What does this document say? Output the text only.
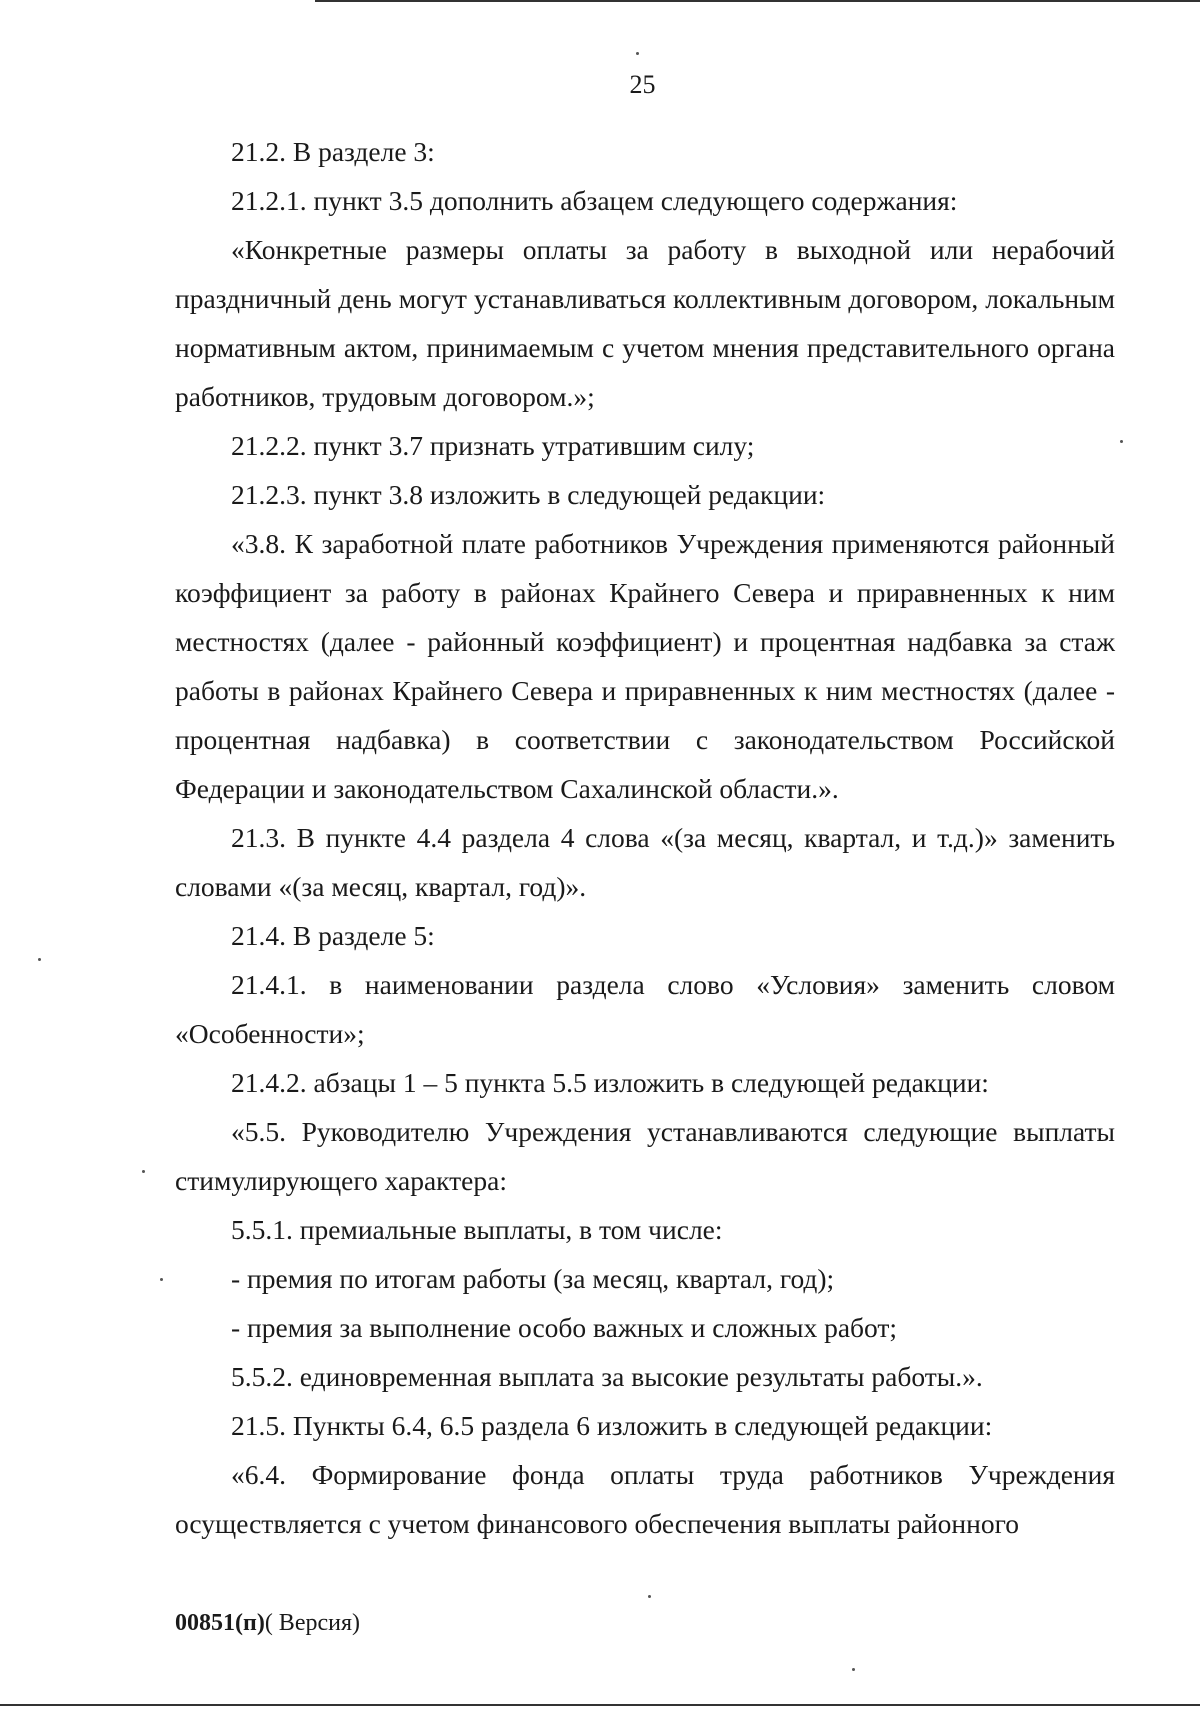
25

21.2. В разделе 3:

21.2.1. пункт 3.5 дополнить абзацем следующего содержания:

«Конкретные размеры оплаты за работу в выходной или нерабочий праздничный день могут устанавливаться коллективным договором, локальным нормативным актом, принимаемым с учетом мнения представительного органа работников, трудовым договором.»;

21.2.2. пункт 3.7 признать утратившим силу;

21.2.3. пункт 3.8 изложить в следующей редакции:

«3.8. К заработной плате работников Учреждения применяются районный коэффициент за работу в районах Крайнего Севера и приравненных к ним местностях (далее - районный коэффициент) и процентная надбавка за стаж работы в районах Крайнего Севера и приравненных к ним местностях (далее - процентная надбавка) в соответствии с законодательством Российской Федерации и законодательством Сахалинской области.».

21.3. В пункте 4.4 раздела 4 слова «(за месяц, квартал, и т.д.)» заменить словами «(за месяц, квартал, год)».

21.4. В разделе 5:

21.4.1. в наименовании раздела слово «Условия» заменить словом «Особенности»;

21.4.2. абзацы 1 – 5 пункта 5.5 изложить в следующей редакции:

«5.5. Руководителю Учреждения устанавливаются следующие выплаты стимулирующего характера:

5.5.1. премиальные выплаты, в том числе:

- премия по итогам работы (за месяц, квартал, год);

- премия за выполнение особо важных и сложных работ;

5.5.2. единовременная выплата за высокие результаты работы.».

21.5. Пункты 6.4, 6.5 раздела 6 изложить в следующей редакции:

«6.4. Формирование фонда оплаты труда работников Учреждения осуществляется с учетом финансового обеспечения выплаты районного

00851(п)( Версия)
